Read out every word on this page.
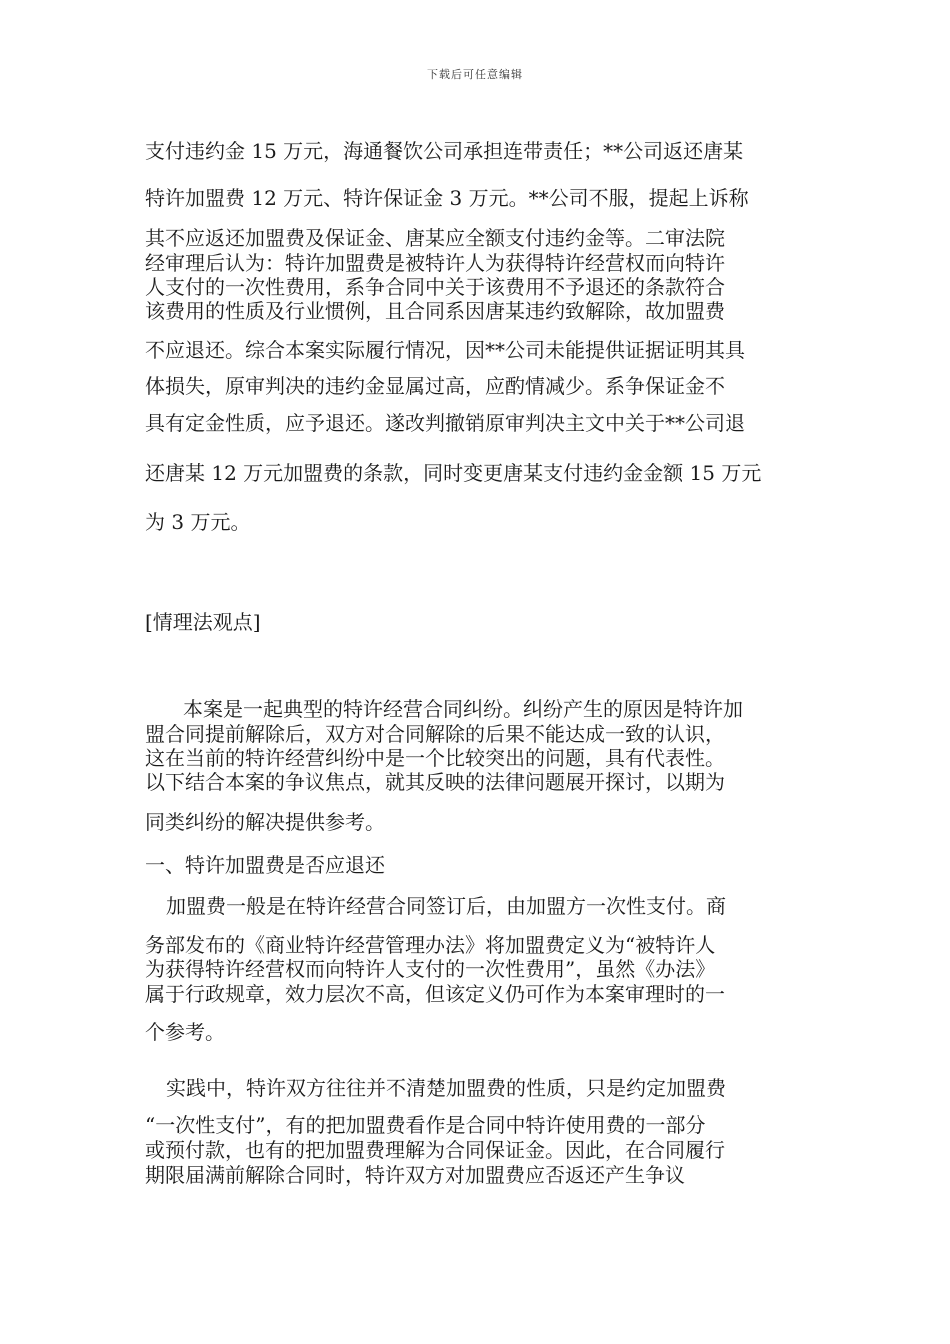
下载后可任意编辑
支付违约金 15 万元，海通餐饮公司承担连带责任；**公司返还唐某
特许加盟费 12 万元、特许保证金 3 万元。**公司不服，提起上诉称
其不应返还加盟费及保证金、唐某应全额支付违约金等。二审法院
经审理后认为：特许加盟费是被特许人为获得特许经营权而向特许
人支付的一次性费用，系争合同中关于该费用不予退还的条款符合
该费用的性质及行业惯例，且合同系因唐某违约致解除，故加盟费
不应退还。综合本案实际履行情况，因**公司未能提供证据证明其具
体损失，原审判决的违约金显属过高，应酌情减少。系争保证金不
具有定金性质，应予退还。遂改判撤销原审判决主文中关于**公司退
还唐某 12 万元加盟费的条款，同时变更唐某支付违约金金额 15 万元
为 3 万元。
[情理法观点]
　本案是一起典型的特许经营合同纠纷。纠纷产生的原因是特许加
盟合同提前解除后，双方对合同解除的后果不能达成一致的认识，
这在当前的特许经营纠纷中是一个比较突出的问题，具有代表性。
以下结合本案的争议焦点，就其反映的法律问题展开探讨，以期为
同类纠纷的解决提供参考。
一、特许加盟费是否应退还
加盟费一般是在特许经营合同签订后，由加盟方一次性支付。商
务部发布的《商业特许经营管理办法》将加盟费定义为“被特许人
为获得特许经营权而向特许人支付的一次性费用”，虽然《办法》
属于行政规章，效力层次不高，但该定义仍可作为本案审理时的一
个参考。
实践中，特许双方往往并不清楚加盟费的性质，只是约定加盟费
“一次性支付”，有的把加盟费看作是合同中特许使用费的一部分
或预付款，也有的把加盟费理解为合同保证金。因此，在合同履行
期限届满前解除合同时，特许双方对加盟费应否返还产生争议
